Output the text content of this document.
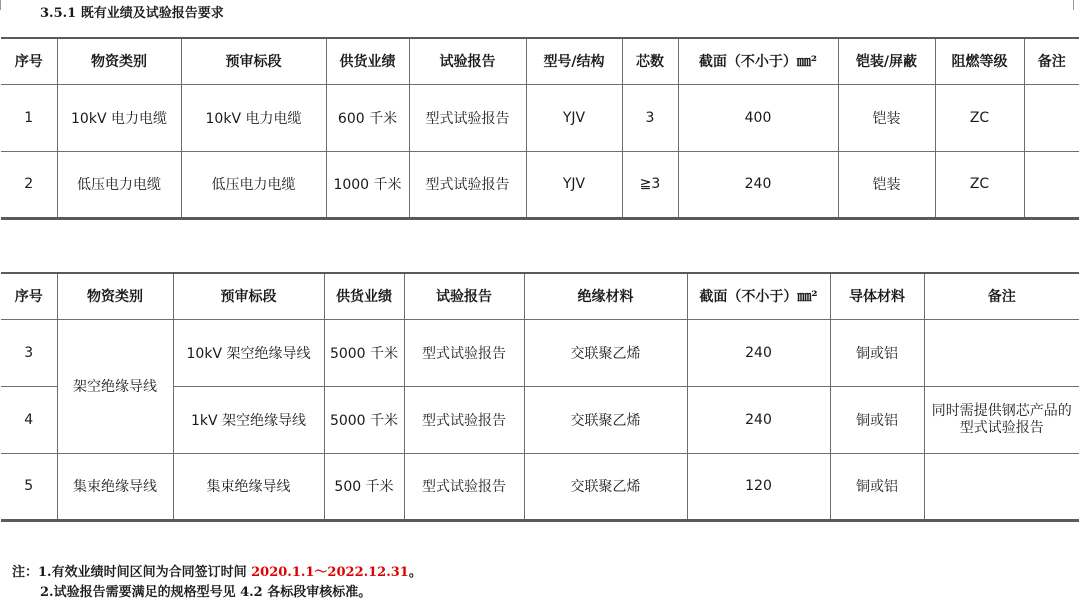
3.5.1 既有业绩及试验报告要求
序号	物资类别	预审标段	供货业绩	试验报告	型号/结构	芯数	截面（不小于）㎜²	铠装/屏蔽	阻燃等级	备注
1	10kV 电力电缆	10kV 电力电缆	600 千米	型式试验报告	YJV	3	400	铠装	ZC	
2	低压电力电缆	低压电力电缆	1000 千米	型式试验报告	YJV	≧3	240	铠装	ZC	
序号	物资类别	预审标段	供货业绩	试验报告	绝缘材料	截面（不小于）㎜²	导体材料	备注
3	架空绝缘导线	10kV 架空绝缘导线	5000 千米	型式试验报告	交联聚乙烯	240	铜或铝	
4		1kV 架空绝缘导线	5000 千米	型式试验报告	交联聚乙烯	240	铜或铝	同时需提供钢芯产品的型式试验报告
5	集束绝缘导线	集束绝缘导线	500 千米	型式试验报告	交联聚乙烯	120	铜或铝	
注：1.有效业绩时间区间为合同签订时间 2020.1.1～2022.12.31。
2.试验报告需要满足的规格型号见 4.2 各标段审核标准。
